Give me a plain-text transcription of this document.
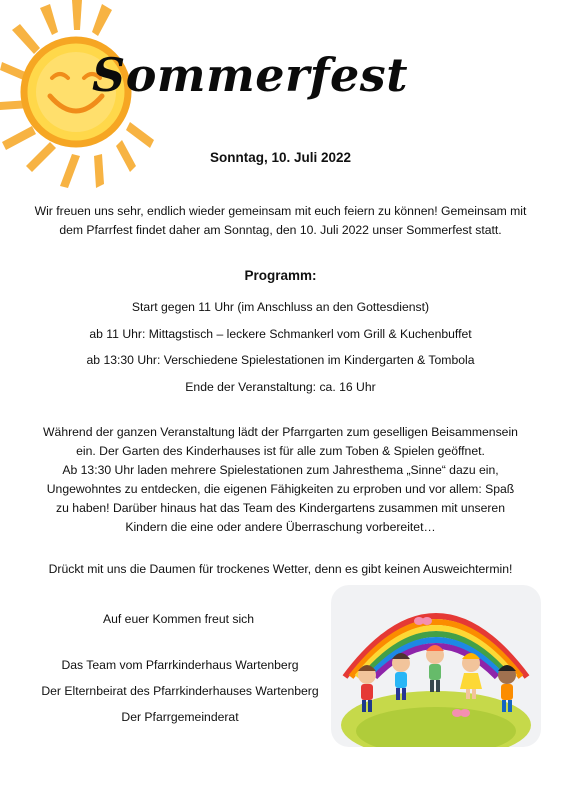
Sommerfest
Sonntag, 10. Juli 2022
Wir freuen uns sehr, endlich wieder gemeinsam mit euch feiern zu können! Gemeinsam mit dem Pfarrfest findet daher am Sonntag, den 10. Juli 2022 unser Sommerfest statt.
Programm:
Start gegen 11 Uhr (im Anschluss an den Gottesdienst)
ab 11 Uhr: Mittagstisch – leckere Schmankerl vom Grill & Kuchenbuffet
ab 13:30 Uhr: Verschiedene Spielestationen im Kindergarten & Tombola
Ende der Veranstaltung: ca. 16 Uhr
Während der ganzen Veranstaltung lädt der Pfarrgarten zum geselligen Beisammensein
ein. Der Garten des Kinderhauses ist für alle zum Toben & Spielen geöffnet.
Ab 13:30 Uhr laden mehrere Spielestationen zum Jahresthema „Sinne“ dazu ein,
Ungewohntes zu entdecken, die eigenen Fähigkeiten zu erproben und vor allem: Spaß
zu haben! Darüber hinaus hat das Team des Kindergartens zusammen mit unseren
Kindern die eine oder andere Überraschung vorbereitet…
Drückt mit uns die Daumen für trockenes Wetter, denn es gibt keinen Ausweichtermin!
Auf euer Kommen freut sich
Das Team vom Pfarrkinderhaus Wartenberg
Der Elternbeirat des Pfarrkinderhauses Wartenberg
Der Pfarrgemeinderat
